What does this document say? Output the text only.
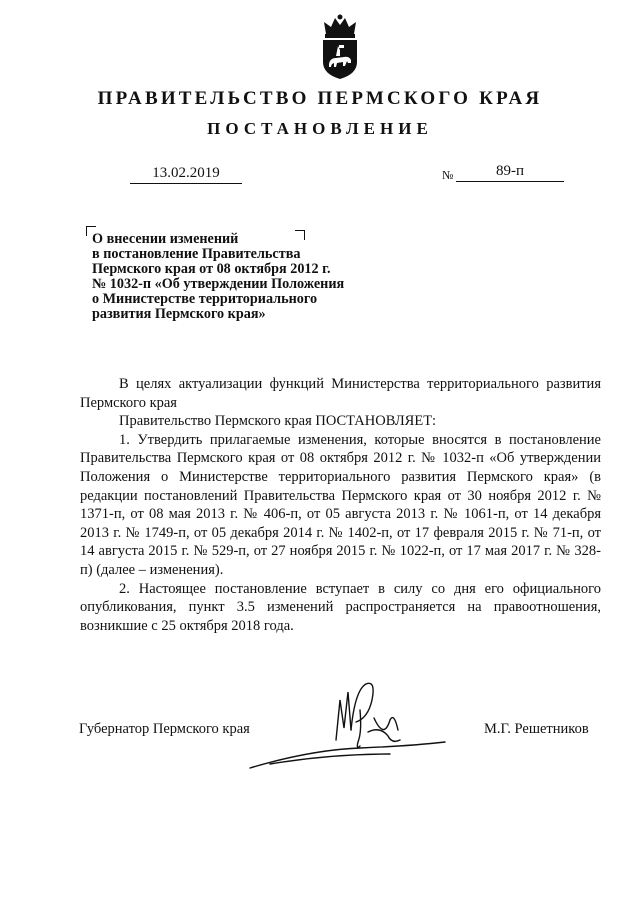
ПРАВИТЕЛЬСТВО ПЕРМСКОГО КРАЯ
ПОСТАНОВЛЕНИЕ
13.02.2019	№	89-п
О внесении изменений
в постановление Правительства
Пермского края от 08 октября 2012 г.
№ 1032-п «Об утверждении Положения
о Министерстве территориального
развития Пермского края»

В целях актуализации функций Министерства территориального развития Пермского края

Правительство Пермского края ПОСТАНОВЛЯЕТ:

1. Утвердить прилагаемые изменения, которые вносятся в постановление Правительства Пермского края от 08 октября 2012 г. № 1032-п «Об утверждении Положения о Министерстве территориального развития Пермского края» (в редакции постановлений Правительства Пермского края от 30 ноября 2012 г. № 1371-п, от 08 мая 2013 г. № 406-п, от 05 августа 2013 г. № 1061-п, от 14 декабря 2013 г. № 1749-п, от 05 декабря 2014 г. № 1402-п, от 17 февраля 2015 г. № 71-п, от 14 августа 2015 г. № 529-п, от 27 ноября 2015 г. № 1022-п, от 17 мая 2017 г. № 328-п) (далее – изменения).

2. Настоящее постановление вступает в силу со дня его официального опубликования, пункт 3.5 изменений распространяется на правоотношения, возникшие с 25 октября 2018 года.

Губернатор Пермского края	М.Г. Решетников
